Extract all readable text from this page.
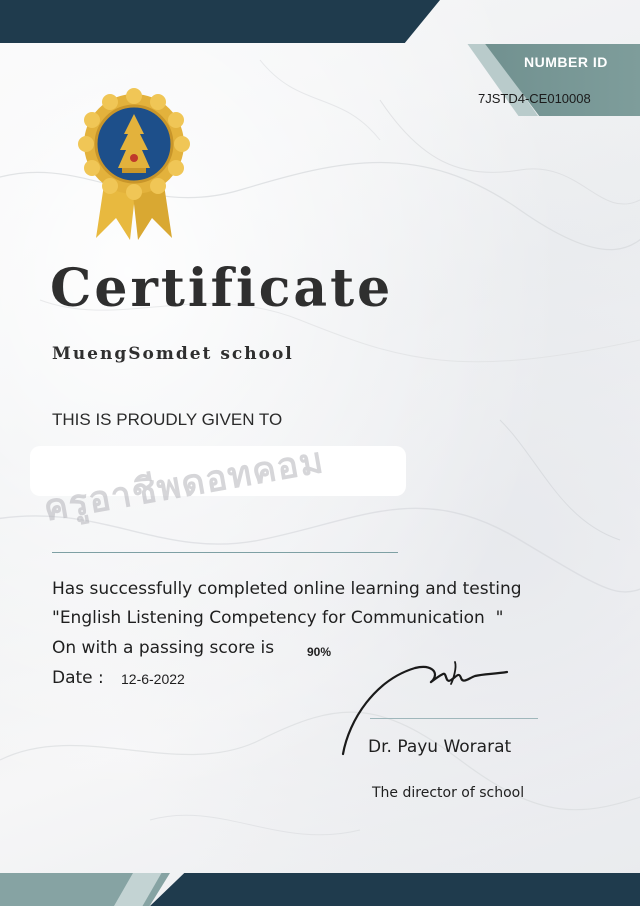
NUMBER ID
7JSTD4-CE010008
Certificate
MuengSomdet school
THIS IS PROUDLY GIVEN TO
ครูอาชีพดอทคอม
Has successfully completed online learning and testing
"English Listening Competency for Communication  "
On with a passing score is	90%
Date : 12-6-2022
Dr. Payu Worarat
The director of school
